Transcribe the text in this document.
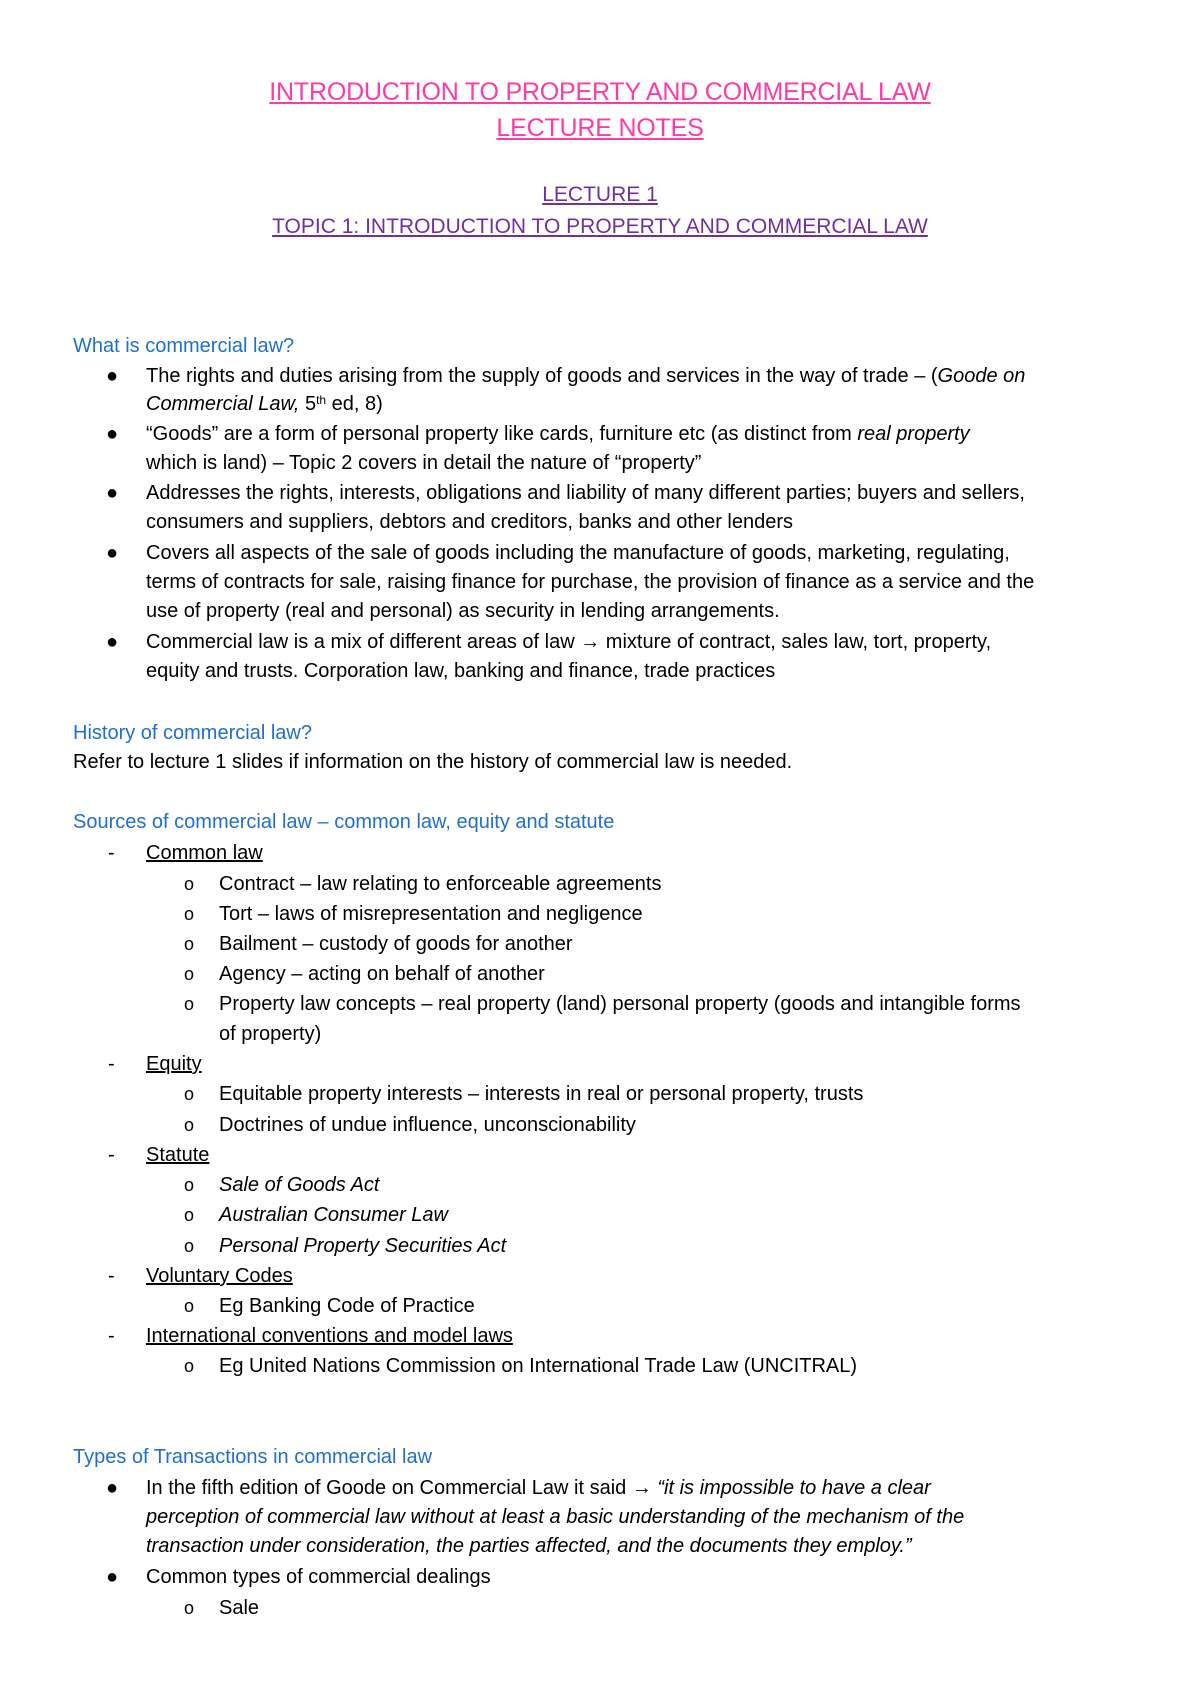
INTRODUCTION TO PROPERTY AND COMMERCIAL LAW
LECTURE NOTES
LECTURE 1
TOPIC 1: INTRODUCTION TO PROPERTY AND COMMERCIAL LAW
What is commercial law?
● The rights and duties arising from the supply of goods and services in the way of trade – (Goode on
Commercial Law, 5th ed, 8)
● “Goods” are a form of personal property like cards, furniture etc (as distinct from real property
which is land) – Topic 2 covers in detail the nature of “property”
● Addresses the rights, interests, obligations and liability of many different parties; buyers and sellers,
consumers and suppliers, debtors and creditors, banks and other lenders
● Covers all aspects of the sale of goods including the manufacture of goods, marketing, regulating,
terms of contracts for sale, raising finance for purchase, the provision of finance as a service and the
use of property (real and personal) as security in lending arrangements.
● Commercial law is a mix of different areas of law → mixture of contract, sales law, tort, property,
equity and trusts. Corporation law, banking and finance, trade practices
History of commercial law?
Refer to lecture 1 slides if information on the history of commercial law is needed.
Sources of commercial law – common law, equity and statute
- Common law
o Contract – law relating to enforceable agreements
o Tort – laws of misrepresentation and negligence
o Bailment – custody of goods for another
o Agency – acting on behalf of another
o Property law concepts – real property (land) personal property (goods and intangible forms
of property)
- Equity
o Equitable property interests – interests in real or personal property, trusts
o Doctrines of undue influence, unconscionability
- Statute
o Sale of Goods Act
o Australian Consumer Law
o Personal Property Securities Act
- Voluntary Codes
o Eg Banking Code of Practice
- International conventions and model laws
o Eg United Nations Commission on International Trade Law (UNCITRAL)
Types of Transactions in commercial law
● In the fifth edition of Goode on Commercial Law it said → “it is impossible to have a clear
perception of commercial law without at least a basic understanding of the mechanism of the
transaction under consideration, the parties affected, and the documents they employ.”
● Common types of commercial dealings
o Sale
